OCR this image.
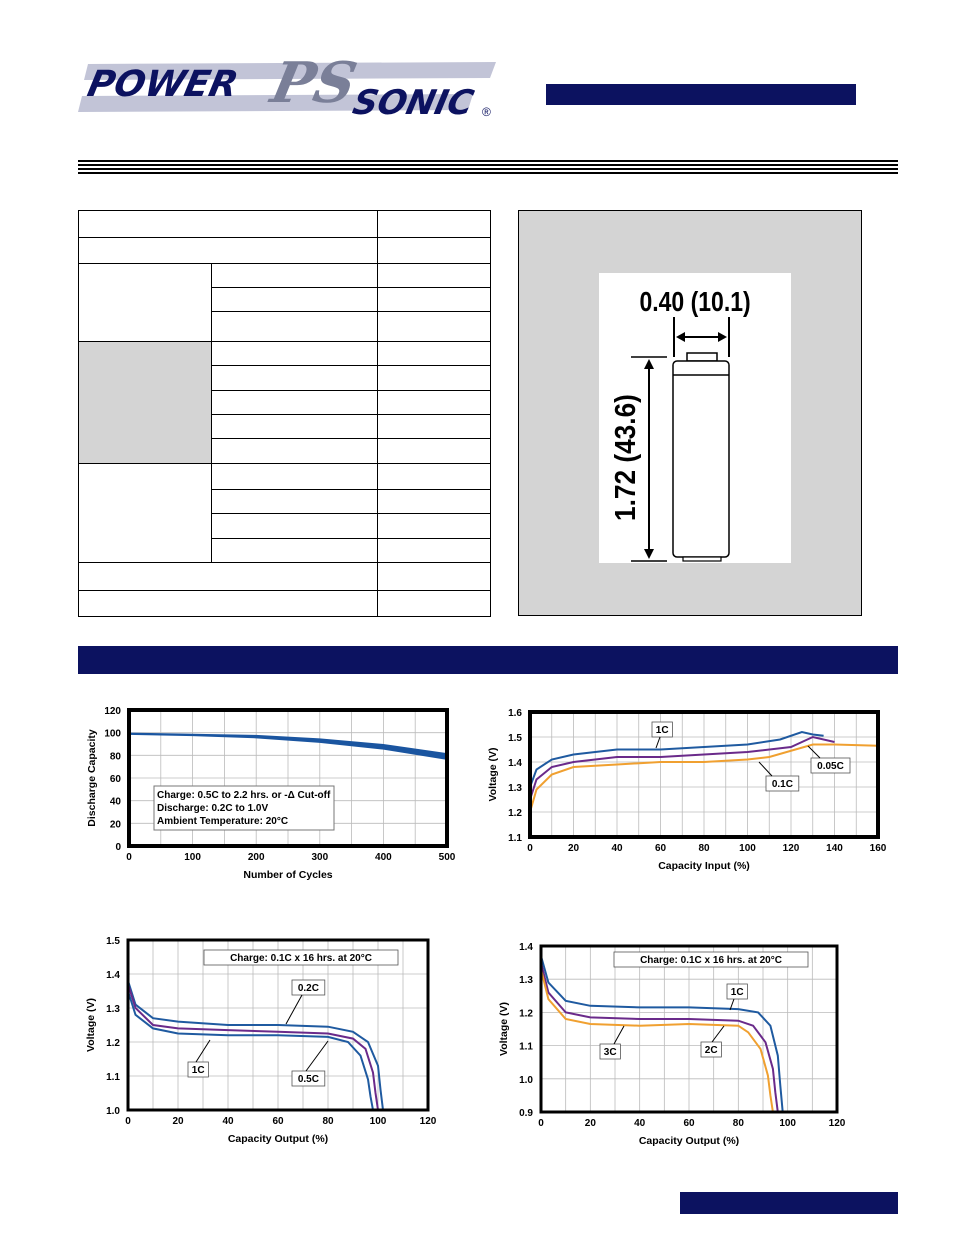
POWER PS
SONIC ®

0.40 (10.1)
1.72 (43.6)
0	100	200	300	400	500
0
20
40
60
80
100
120
Number of Cycles
Discharge Capacity	Charge: 0.5C to 2.2 hrs. or -Δ Cut-off
Discharge: 0.2C to 1.0V
Ambient Temperature: 20°C
0	20	40	60	80	100	120	140	160
1.1
1.2
1.3
1.4
1.5
1.6
Capacity Input (%)
Voltage (V)
1C
0.05C
0.1C
0	20	40	60	80	100	120
1.0
1.1
1.2
1.3
1.4
1.5
Capacity Output (%)
Voltage (V)
Charge: 0.1C x 16 hrs. at 20°C
0.2C
0.5C
1C
0	20	40	60	80	100	120
0.9
1.0
1.1
1.2
1.3
1.4
Capacity Output (%)
Voltage (V)
Charge: 0.1C x 16 hrs. at 20°C
1C
2C
3C
